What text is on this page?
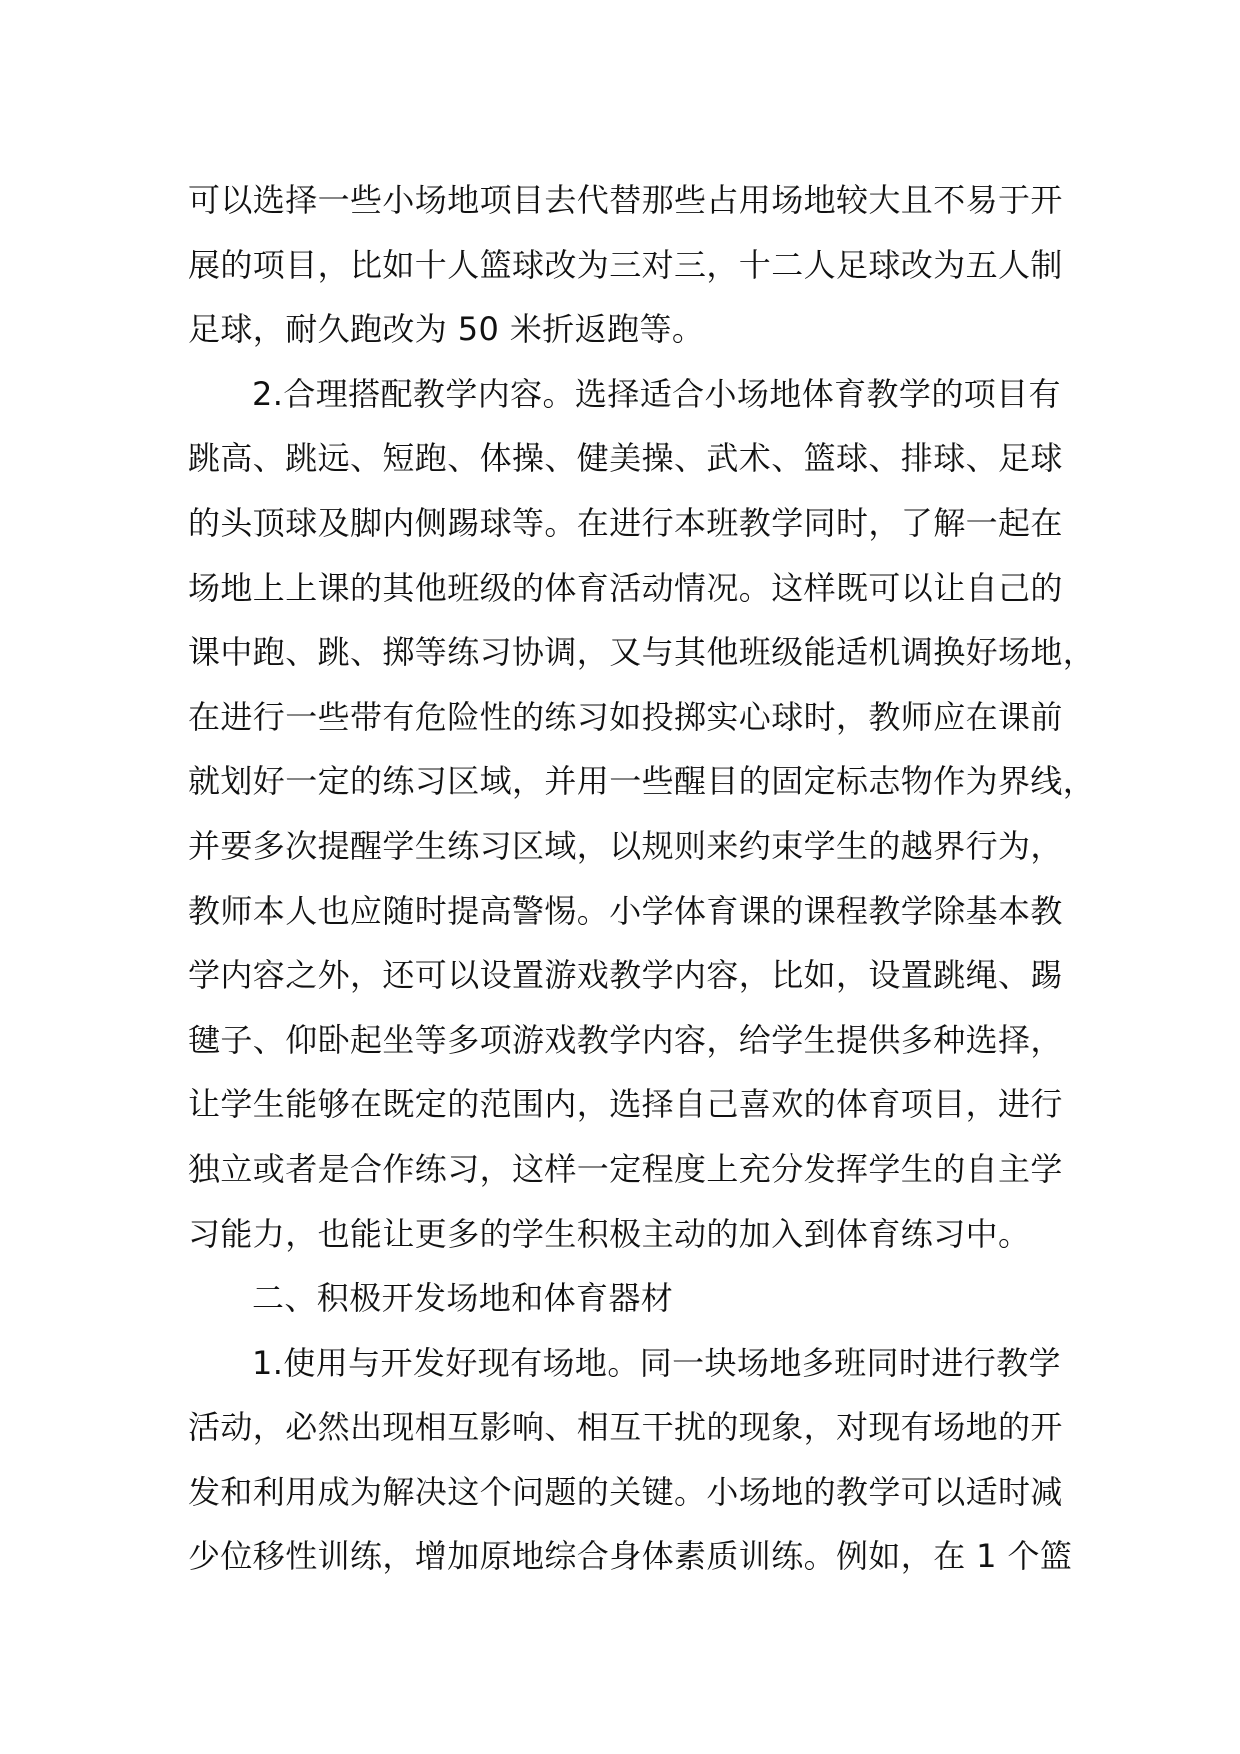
可以选择一些小场地项目去代替那些占用场地较大且不易于开
展的项目，比如十人篮球改为三对三，十二人足球改为五人制
足球，耐久跑改为 50 米折返跑等。
2.合理搭配教学内容。选择适合小场地体育教学的项目有
跳高、跳远、短跑、体操、健美操、武术、篮球、排球、足球
的头顶球及脚内侧踢球等。在进行本班教学同时，了解一起在
场地上上课的其他班级的体育活动情况。这样既可以让自己的
课中跑、跳、掷等练习协调，又与其他班级能适机调换好场地，
在进行一些带有危险性的练习如投掷实心球时，教师应在课前
就划好一定的练习区域，并用一些醒目的固定标志物作为界线，
并要多次提醒学生练习区域，以规则来约束学生的越界行为，
教师本人也应随时提高警惕。小学体育课的课程教学除基本教
学内容之外，还可以设置游戏教学内容，比如，设置跳绳、踢
毽子、仰卧起坐等多项游戏教学内容，给学生提供多种选择，
让学生能够在既定的范围内，选择自己喜欢的体育项目，进行
独立或者是合作练习，这样一定程度上充分发挥学生的自主学
习能力，也能让更多的学生积极主动的加入到体育练习中。
二、积极开发场地和体育器材
1.使用与开发好现有场地。同一块场地多班同时进行教学
活动，必然出现相互影响、相互干扰的现象，对现有场地的开
发和利用成为解决这个问题的关键。小场地的教学可以适时减
少位移性训练，增加原地综合身体素质训练。例如，在 1 个篮
